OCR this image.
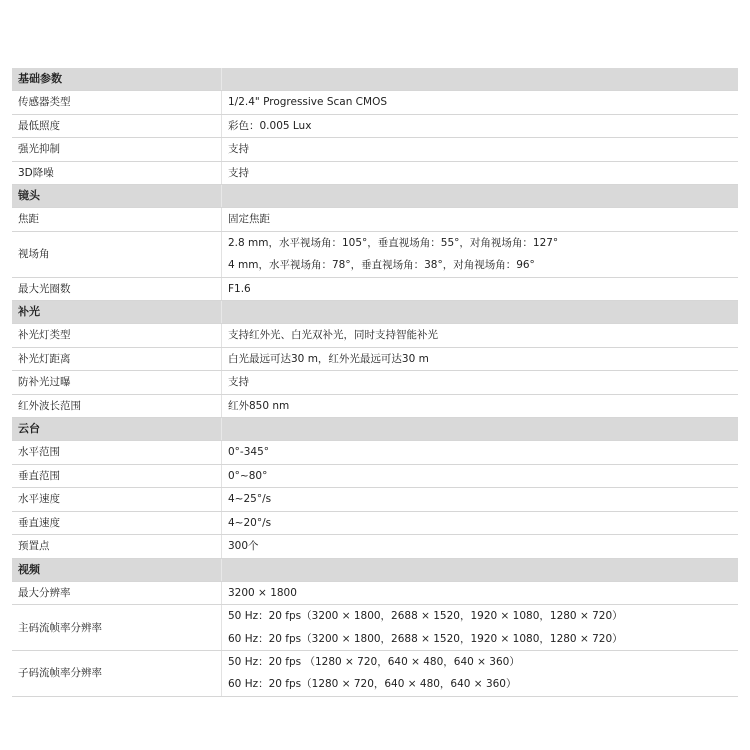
基础参数	
传感器类型	1/2.4" Progressive Scan CMOS
最低照度	彩色：0.005 Lux
强光抑制	支持
3D降噪	支持
镜头	
焦距	固定焦距
视场角	2.8 mm，水平视场角：105°，垂直视场角：55°，对角视场角：127°
4 mm，水平视场角：78°，垂直视场角：38°，对角视场角：96°

最大光圈数	F1.6
补光	
补光灯类型	支持红外光、白光双补光，同时支持智能补光
补光灯距离	白光最远可达30 m，红外光最远可达30 m
防补光过曝	支持
红外波长范围	红外850 nm
云台	
水平范围	0°-345°
垂直范围	0°~80°
水平速度	4~25°/s
垂直速度	4~20°/s
预置点	300个
视频	
最大分辨率	3200 × 1800
主码流帧率分辨率	50 Hz：20 fps（3200 × 1800，2688 × 1520，1920 × 1080，1280 × 720）
60 Hz：20 fps（3200 × 1800，2688 × 1520，1920 × 1080，1280 × 720）

子码流帧率分辨率	50 Hz：20 fps （1280 × 720，640 × 480，640 × 360）
60 Hz：20 fps（1280 × 720，640 × 480，640 × 360）
